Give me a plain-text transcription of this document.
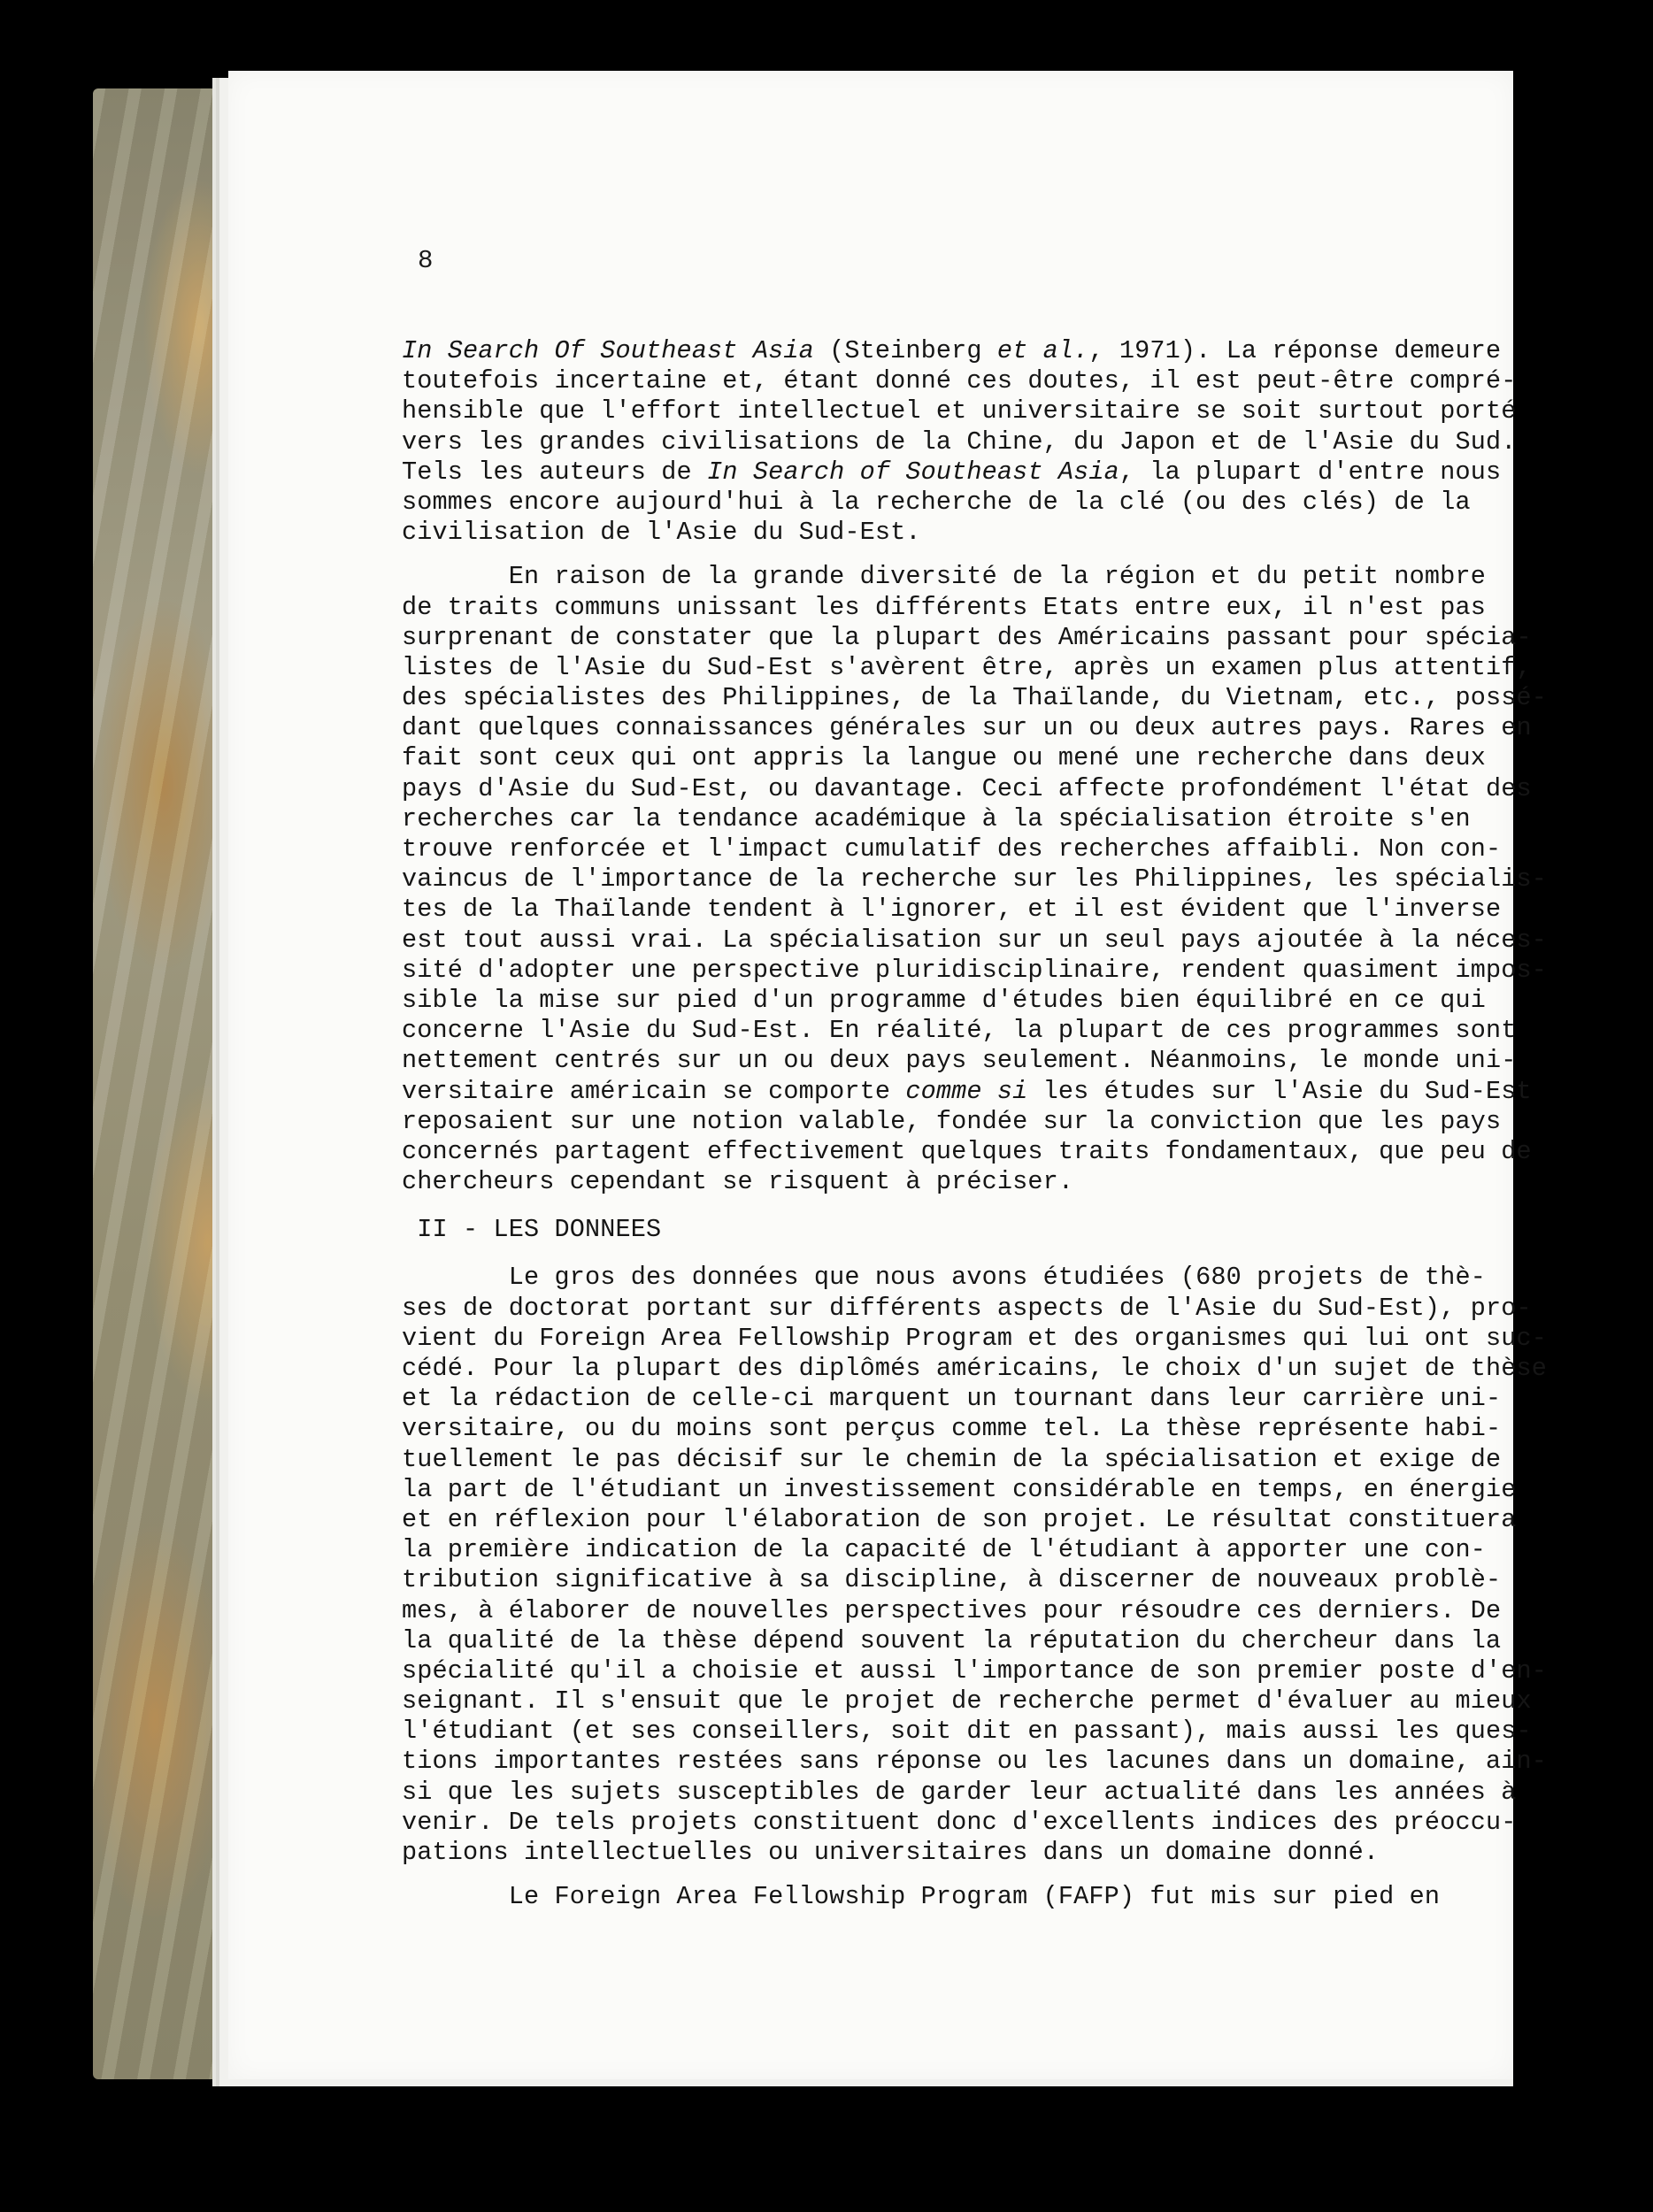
8
In Search Of Southeast Asia (Steinberg et al., 1971). La réponse demeure
toutefois incertaine et, étant donné ces doutes, il est peut-être compré-
hensible que l'effort intellectuel et universitaire se soit surtout porté
vers les grandes civilisations de la Chine, du Japon et de l'Asie du Sud.
Tels les auteurs de In Search of Southeast Asia, la plupart d'entre nous
sommes encore aujourd'hui à la recherche de la clé (ou des clés) de la
civilisation de l'Asie du Sud-Est.
En raison de la grande diversité de la région et du petit nombre
de traits communs unissant les différents Etats entre eux, il n'est pas
surprenant de constater que la plupart des Américains passant pour spécia-
listes de l'Asie du Sud-Est s'avèrent être, après un examen plus attentif,
des spécialistes des Philippines, de la Thaïlande, du Vietnam, etc., possé-
dant quelques connaissances générales sur un ou deux autres pays. Rares en
fait sont ceux qui ont appris la langue ou mené une recherche dans deux
pays d'Asie du Sud-Est, ou davantage. Ceci affecte profondément l'état des
recherches car la tendance académique à la spécialisation étroite s'en
trouve renforcée et l'impact cumulatif des recherches affaibli. Non con-
vaincus de l'importance de la recherche sur les Philippines, les spécialis-
tes de la Thaïlande tendent à l'ignorer, et il est évident que l'inverse
est tout aussi vrai. La spécialisation sur un seul pays ajoutée à la néces-
sité d'adopter une perspective pluridisciplinaire, rendent quasiment impos-
sible la mise sur pied d'un programme d'études bien équilibré en ce qui
concerne l'Asie du Sud-Est. En réalité, la plupart de ces programmes sont
nettement centrés sur un ou deux pays seulement. Néanmoins, le monde uni-
versitaire américain se comporte comme si les études sur l'Asie du Sud-Est
reposaient sur une notion valable, fondée sur la conviction que les pays
concernés partagent effectivement quelques traits fondamentaux, que peu de
chercheurs cependant se risquent à préciser.
II - LES DONNEES
Le gros des données que nous avons étudiées (680 projets de thè-
ses de doctorat portant sur différents aspects de l'Asie du Sud-Est), pro-
vient du Foreign Area Fellowship Program et des organismes qui lui ont suc-
cédé. Pour la plupart des diplômés américains, le choix d'un sujet de thèse
et la rédaction de celle-ci marquent un tournant dans leur carrière uni-
versitaire, ou du moins sont perçus comme tel. La thèse représente habi-
tuellement le pas décisif sur le chemin de la spécialisation et exige de
la part de l'étudiant un investissement considérable en temps, en énergie
et en réflexion pour l'élaboration de son projet. Le résultat constituera
la première indication de la capacité de l'étudiant à apporter une con-
tribution significative à sa discipline, à discerner de nouveaux problè-
mes, à élaborer de nouvelles perspectives pour résoudre ces derniers. De
la qualité de la thèse dépend souvent la réputation du chercheur dans la
spécialité qu'il a choisie et aussi l'importance de son premier poste d'en-
seignant. Il s'ensuit que le projet de recherche permet d'évaluer au mieux
l'étudiant (et ses conseillers, soit dit en passant), mais aussi les ques-
tions importantes restées sans réponse ou les lacunes dans un domaine, ain-
si que les sujets susceptibles de garder leur actualité dans les années à
venir. De tels projets constituent donc d'excellents indices des préoccu-
pations intellectuelles ou universitaires dans un domaine donné.
Le Foreign Area Fellowship Program (FAFP) fut mis sur pied en
